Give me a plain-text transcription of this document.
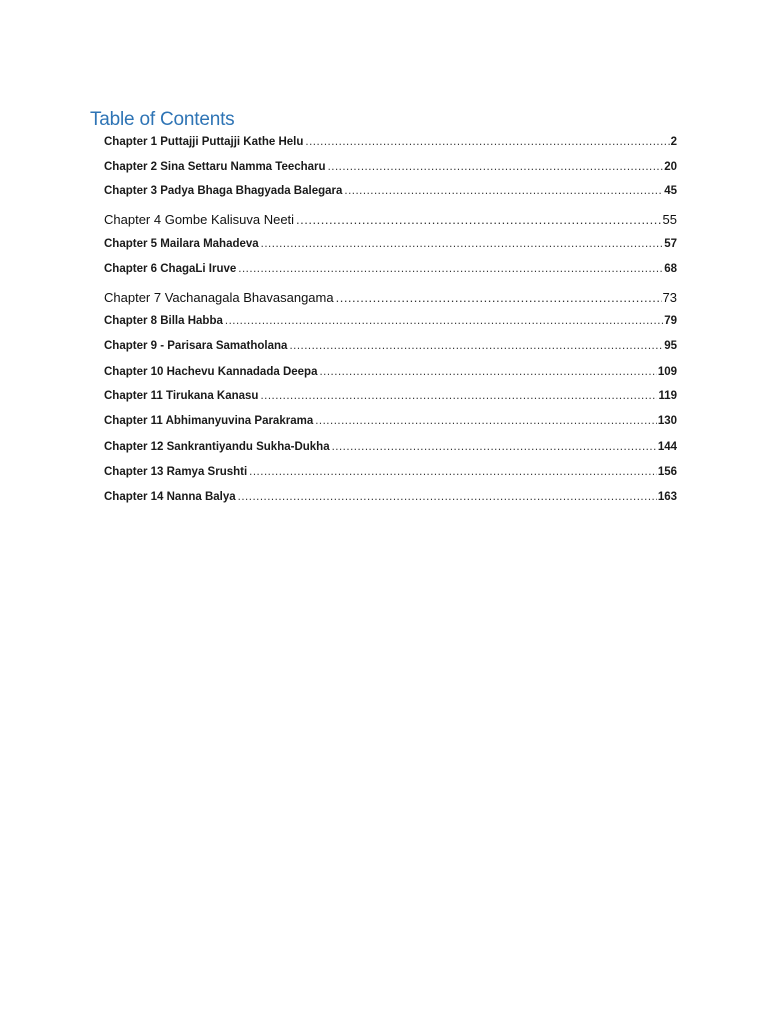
Table of Contents
Chapter 1 Puttajji Puttajji Kathe Helu .....	2
Chapter 2 Sina Settaru Namma Teecharu .....	20
Chapter 3 Padya Bhaga Bhagyada Balegara .....	45
Chapter 4 Gombe Kalisuva Neeti .....	55
Chapter 5 Mailara Mahadeva .....	57
Chapter 6 ChagaLi Iruve .....	68
Chapter 7 Vachanagala Bhavasangama .....	73
Chapter 8 Billa Habba .....	79
Chapter 9 - Parisara Samatholana .....	95
Chapter 10 Hachevu Kannadada Deepa .....	109
Chapter 11 Tirukana Kanasu .....	119
Chapter 11 Abhimanyuvina Parakrama .....	130
Chapter 12 Sankrantiyandu Sukha-Dukha .....	144
Chapter 13 Ramya Srushti .....	156
Chapter 14 Nanna Balya .....	163
